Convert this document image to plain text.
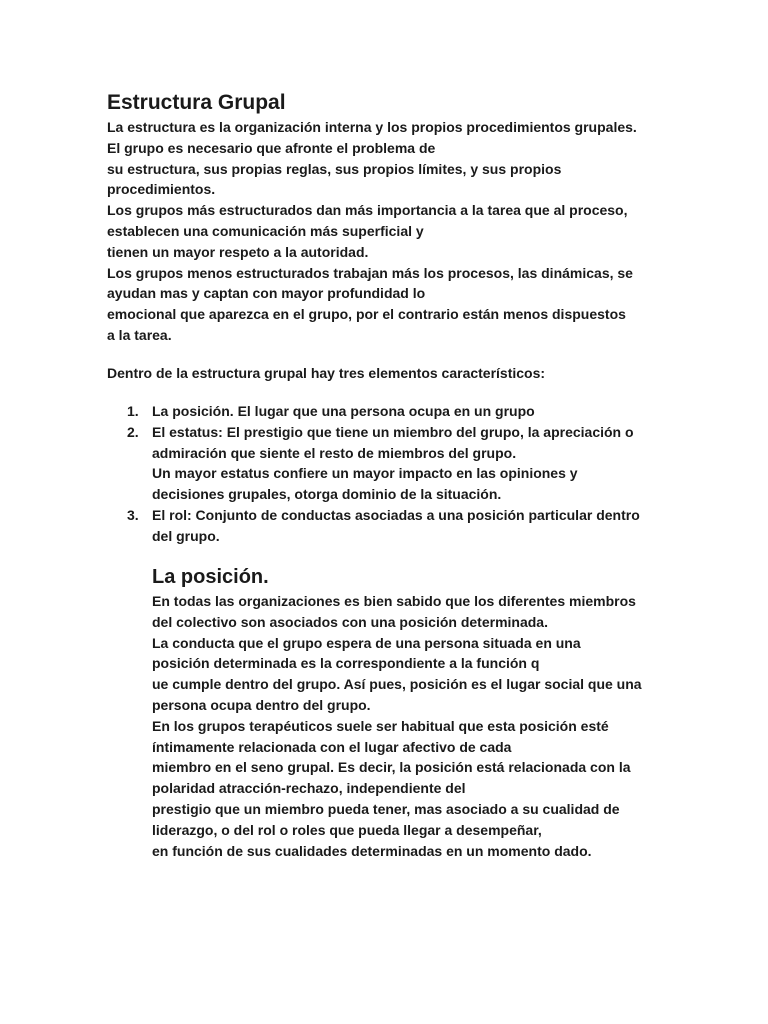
Estructura Grupal
La estructura es la organización interna y los propios procedimientos grupales.
El grupo es necesario que afronte el problema de
su estructura, sus propias reglas, sus propios límites, y sus propios
procedimientos.
Los grupos más estructurados dan más importancia a la tarea que al proceso,
establecen una comunicación más superficial y
tienen un mayor respeto a la autoridad.
Los grupos menos estructurados trabajan más los procesos, las dinámicas, se
ayudan mas y captan con mayor profundidad lo
emocional que aparezca en el grupo, por el contrario están menos dispuestos
a la tarea.
Dentro de la estructura grupal hay tres elementos característicos:
1. La posición. El lugar que una persona ocupa en un grupo
2. El estatus: El prestigio que tiene un miembro del grupo, la apreciación o
admiración que siente el resto de miembros del grupo.
Un mayor estatus confiere un mayor impacto en las opiniones y
decisiones grupales, otorga dominio de la situación.
3. El rol: Conjunto de conductas asociadas a una posición particular dentro
del grupo.
La posición.
En todas las organizaciones es bien sabido que los diferentes miembros
del colectivo son asociados con una posición determinada.
La conducta que el grupo espera de una persona situada en una
posición determinada es la correspondiente a la función q
ue cumple dentro del grupo. Así pues, posición es el lugar social que una
persona ocupa dentro del grupo.
En los grupos terapéuticos suele ser habitual que esta posición esté
íntimamente relacionada con el lugar afectivo de cada
miembro en el seno grupal. Es decir, la posición está relacionada con la
polaridad atracción-rechazo, independiente del
prestigio que un miembro pueda tener, mas asociado a su cualidad de
liderazgo, o del rol o roles que pueda llegar a desempeñar,
en función de sus cualidades determinadas en un momento dado.
